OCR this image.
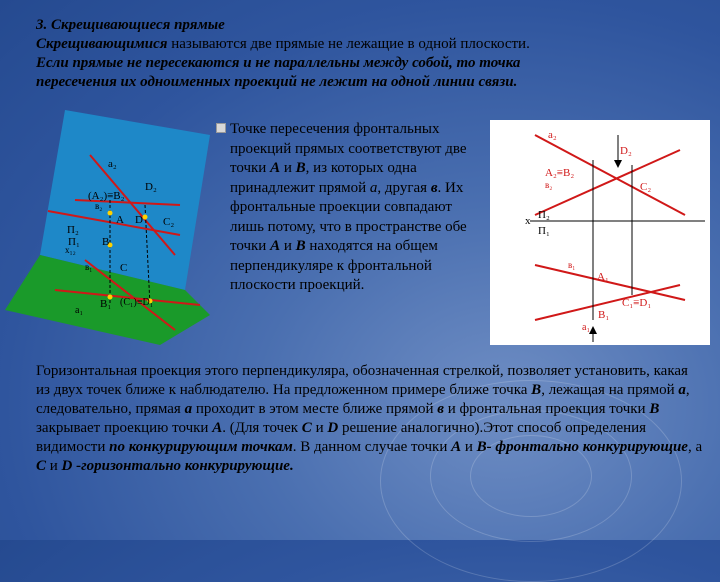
3. Скрещивающиеся прямые
Скрещивающимися называются две прямые не лежащие в одной плоскости.
Если прямые не пересекаются и не параллельны между собой, то точка
пересечения их одноименных проекций не лежит на одной линии связи.
a₂
(A₂)≡B₂
в₂
D₂
C₂
A D
П₂
П₁ B
x₁₂
в₁	C
a₁
B₁ (C₁)≡D₁
Точке пересечения фронтальных проекций прямых соответствуют две точки А и В, из которых одна принадлежит прямой а, другая в. Их фронтальные проекции совпадают лишь потому, что в пространстве обе точки А и В находятся на общем перпендикуляре к фронтальной плоскости проекций.
a₂
D₂
A₂≡B₂
в₂	C₂
x П₂
П₁
в₁
A₁
C₁≡D₁
B₁
a₁
Горизонтальная проекция этого перпендикуляра, обозначенная стрелкой, позволяет установить, какая из двух точек ближе к наблюдателю. На предложенном примере ближе точка В, лежащая на прямой а, следовательно, прямая а проходит в этом месте ближе прямой в и фронтальная проекция точки В закрывает проекцию точки А. (Для точек С и D решение аналогично).Этот способ определения видимости по конкурирующим точкам. В данном случае точки А и В- фронтально конкурирующие, а С и D -горизонтально конкурирующие.
